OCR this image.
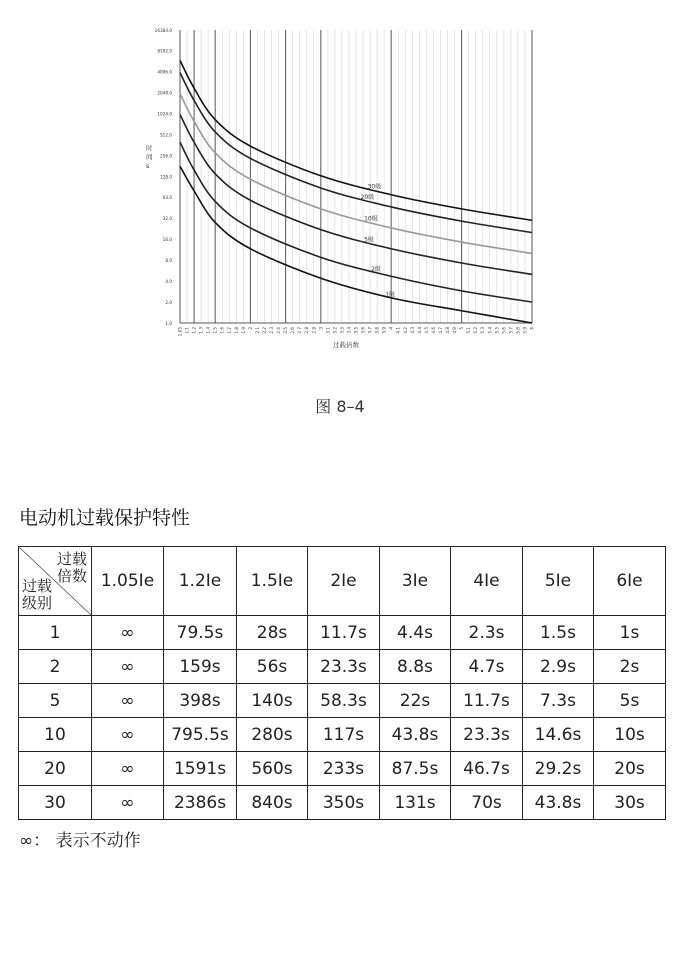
1.0
2.0
4.0
8.0
16.0
32.0
64.0
128.0
256.0
512.0
1024.0
2048.0
4096.0
8192.0
16384.0
1.05 1.1 1.2 1.3 1.4 1.5 1.6 1.7 1.8 1.9 2 2.1 2.2 2.3 2.4 2.5 2.6 2.7 2.8 2.9 3 3.1 3.2 3.3 3.4 3.5 3.6 3.7 3.8 3.9 4 4.1 4.2 4.3 4.4 4.5 4.6 4.7 4.8 4.9 5 5.1 5.2 5.3 5.4 5.5 5.6 5.7 5.8 5.9 6
过载倍数
时间 s
1级
2级
5级
10级
20级
30级
图 8–4
电动机过载保护特性
过载
倍数
过载
级别	1.05Ie	1.2Ie	1.5Ie	2Ie	3Ie	4Ie	5Ie	6Ie
1	∞	79.5s	28s	11.7s	4.4s	2.3s	1.5s	1s
2	∞	159s	56s	23.3s	8.8s	4.7s	2.9s	2s
5	∞	398s	140s	58.3s	22s	11.7s	7.3s	5s
10	∞	795.5s	280s	117s	43.8s	23.3s	14.6s	10s
20	∞	1591s	560s	233s	87.5s	46.7s	29.2s	20s
30	∞	2386s	840s	350s	131s	70s	43.8s	30s
∞： 表示不动作
